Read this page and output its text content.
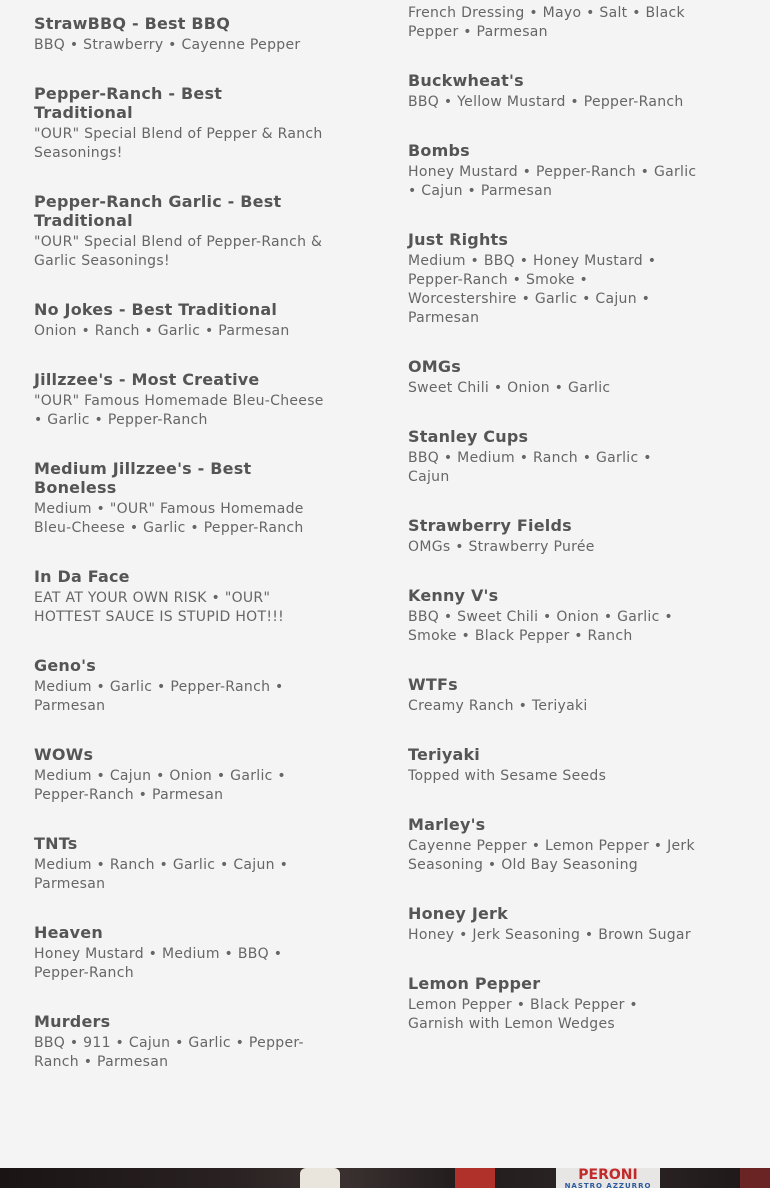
StrawBBQ - Best BBQ

BBQ • Strawberry • Cayenne Pepper

Pepper-Ranch - Best Traditional

"OUR" Special Blend of Pepper & Ranch Seasonings!

Pepper-Ranch Garlic - Best Traditional

"OUR" Special Blend of Pepper-Ranch & Garlic Seasonings!

No Jokes - Best Traditional

Onion • Ranch • Garlic • Parmesan

Jillzzee's - Most Creative

"OUR" Famous Homemade Bleu-Cheese • Garlic • Pepper-Ranch

Medium Jillzzee's - Best Boneless

Medium • "OUR" Famous Homemade Bleu-Cheese • Garlic • Pepper-Ranch

In Da Face

EAT AT YOUR OWN RISK • "OUR" HOTTEST SAUCE IS STUPID HOT!!!

Geno's

Medium • Garlic • Pepper-Ranch • Parmesan

WOWs

Medium • Cajun • Onion • Garlic • Pepper-Ranch • Parmesan

TNTs

Medium • Ranch • Garlic • Cajun • Parmesan

Heaven

Honey Mustard • Medium • BBQ • Pepper-Ranch

Murders

BBQ • 911 • Cajun • Garlic • Pepper-Ranch • Parmesan

French Dressing • Mayo • Salt • Black Pepper • Parmesan

Buckwheat's

BBQ • Yellow Mustard • Pepper-Ranch

Bombs

Honey Mustard • Pepper-Ranch • Garlic • Cajun • Parmesan

Just Rights

Medium • BBQ • Honey Mustard • Pepper-Ranch • Smoke • Worcestershire • Garlic • Cajun • Parmesan

OMGs

Sweet Chili • Onion • Garlic

Stanley Cups

BBQ • Medium • Ranch • Garlic • Cajun

Strawberry Fields

OMGs • Strawberry Purée

Kenny V's

BBQ • Sweet Chili • Onion • Garlic • Smoke • Black Pepper • Ranch

WTFs

Creamy Ranch • Teriyaki

Teriyaki

Topped with Sesame Seeds

Marley's

Cayenne Pepper • Lemon Pepper • Jerk Seasoning • Old Bay Seasoning

Honey Jerk

Honey • Jerk Seasoning • Brown Sugar

Lemon Pepper

Lemon Pepper • Black Pepper • Garnish with Lemon Wedges

PERONI
NASTRO AZZURRO
